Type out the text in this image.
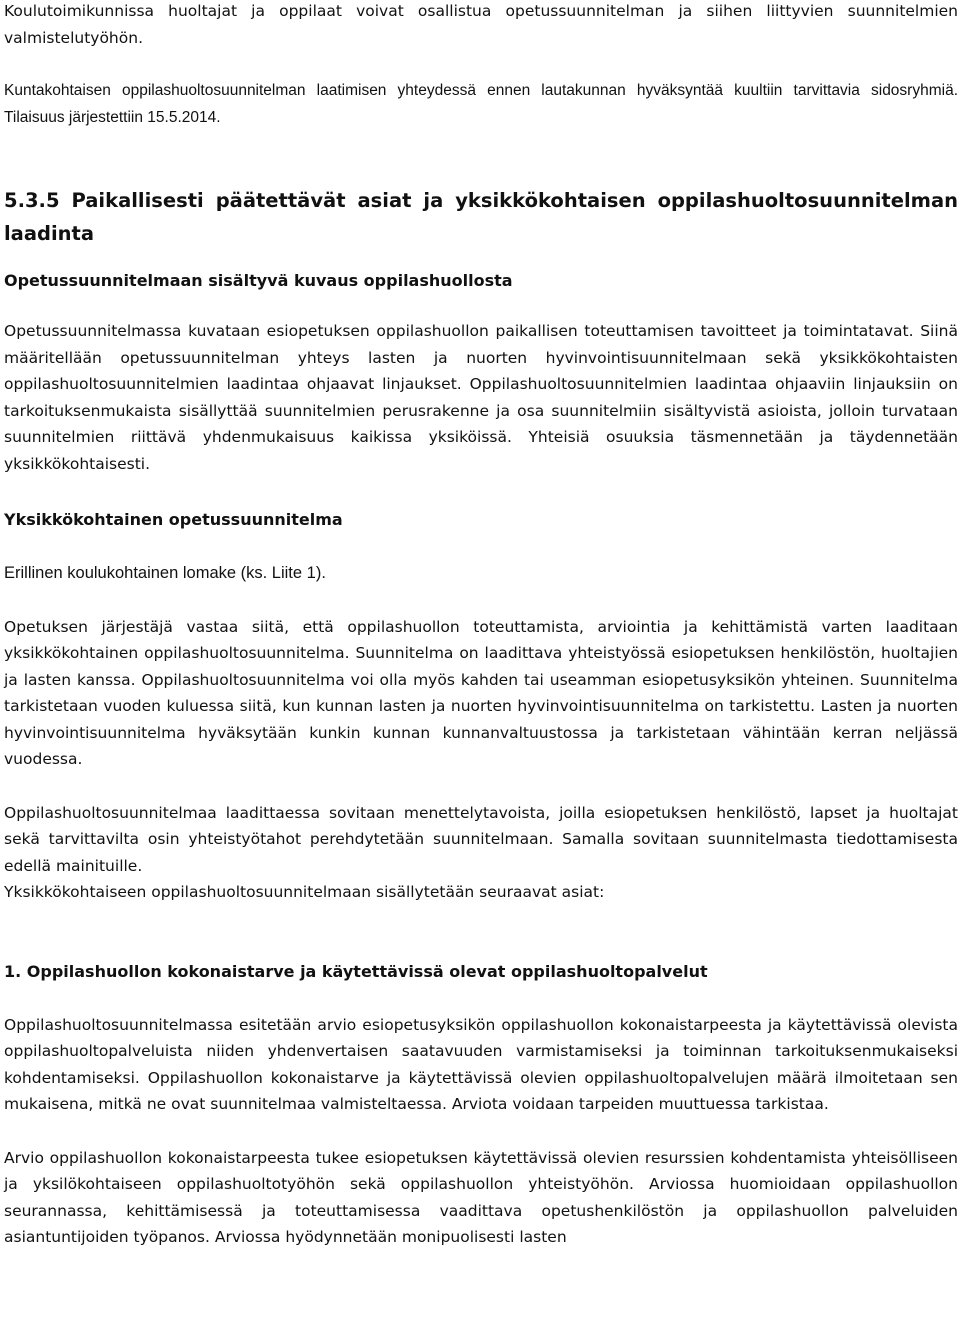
Koulutoimikunnissa huoltajat ja oppilaat voivat osallistua opetussuunnitelman ja siihen liittyvien suunnitelmien valmistelutyöhön.

Kuntakohtaisen oppilashuoltosuunnitelman laatimisen yhteydessä ennen lautakunnan hyväksyntää kuultiin tarvittavia sidosryhmiä. Tilaisuus järjestettiin 15.5.2014.

5.3.5 Paikallisesti päätettävät asiat ja yksikkökohtaisen oppilashuoltosuunnitelman laadinta
Opetussuunnitelmaan sisältyvä kuvaus oppilashuollosta

Opetussuunnitelmassa kuvataan esiopetuksen oppilashuollon paikallisen toteuttamisen tavoitteet ja toimintatavat. Siinä määritellään opetussuunnitelman yhteys lasten ja nuorten hyvinvointisuunnitelmaan sekä yksikkökohtaisten oppilashuoltosuunnitelmien laadintaa ohjaavat linjaukset. Oppilashuoltosuunnitelmien laadintaa ohjaaviin linjauksiin on tarkoituksenmukaista sisällyttää suunnitelmien perusrakenne ja osa suunnitelmiin sisältyvistä asioista, jolloin turvataan suunnitelmien riittävä yhdenmukaisuus kaikissa yksiköissä. Yhteisiä osuuksia täsmennetään ja täydennetään yksikkökohtaisesti.

Yksikkökohtainen opetussuunnitelma

Erillinen koulukohtainen lomake (ks. Liite 1).

Opetuksen järjestäjä vastaa siitä, että oppilashuollon toteuttamista, arviointia ja kehittämistä varten laaditaan yksikkökohtainen oppilashuoltosuunnitelma. Suunnitelma on laadittava yhteistyössä esiopetuksen henkilöstön, huoltajien ja lasten kanssa. Oppilashuoltosuunnitelma voi olla myös kahden tai useamman esiopetusyksikön yhteinen. Suunnitelma tarkistetaan vuoden kuluessa siitä, kun kunnan lasten ja nuorten hyvinvointisuunnitelma on tarkistettu. Lasten ja nuorten hyvinvointisuunnitelma hyväksytään kunkin kunnan kunnanvaltuustossa ja tarkistetaan vähintään kerran neljässä vuodessa.

Oppilashuoltosuunnitelmaa laadittaessa sovitaan menettelytavoista, joilla esiopetuksen henkilöstö, lapset ja huoltajat sekä tarvittavilta osin yhteistyötahot perehdytetään suunnitelmaan. Samalla sovitaan suunnitelmasta tiedottamisesta edellä mainituille.

Yksikkökohtaiseen oppilashuoltosuunnitelmaan sisällytetään seuraavat asiat:

1. Oppilashuollon kokonaistarve ja käytettävissä olevat oppilashuoltopalvelut

Oppilashuoltosuunnitelmassa esitetään arvio esiopetusyksikön oppilashuollon kokonaistarpeesta ja käytettävissä olevista oppilashuoltopalveluista niiden yhdenvertaisen saatavuuden varmistamiseksi ja toiminnan tarkoituksenmukaiseksi kohdentamiseksi. Oppilashuollon kokonaistarve ja käytettävissä olevien oppilashuoltopalvelujen määrä ilmoitetaan sen mukaisena, mitkä ne ovat suunnitelmaa valmisteltaessa. Arviota voidaan tarpeiden muuttuessa tarkistaa.

Arvio oppilashuollon kokonaistarpeesta tukee esiopetuksen käytettävissä olevien resurssien kohdentamista yhteisölliseen ja yksilökohtaiseen oppilashuoltotyöhön sekä oppilashuollon yhteistyöhön. Arviossa huomioidaan oppilashuollon seurannassa, kehittämisessä ja toteuttamisessa vaadittava opetushenkilöstön ja oppilashuollon palveluiden asiantuntijoiden työpanos. Arviossa hyödynnetään monipuolisesti lasten
